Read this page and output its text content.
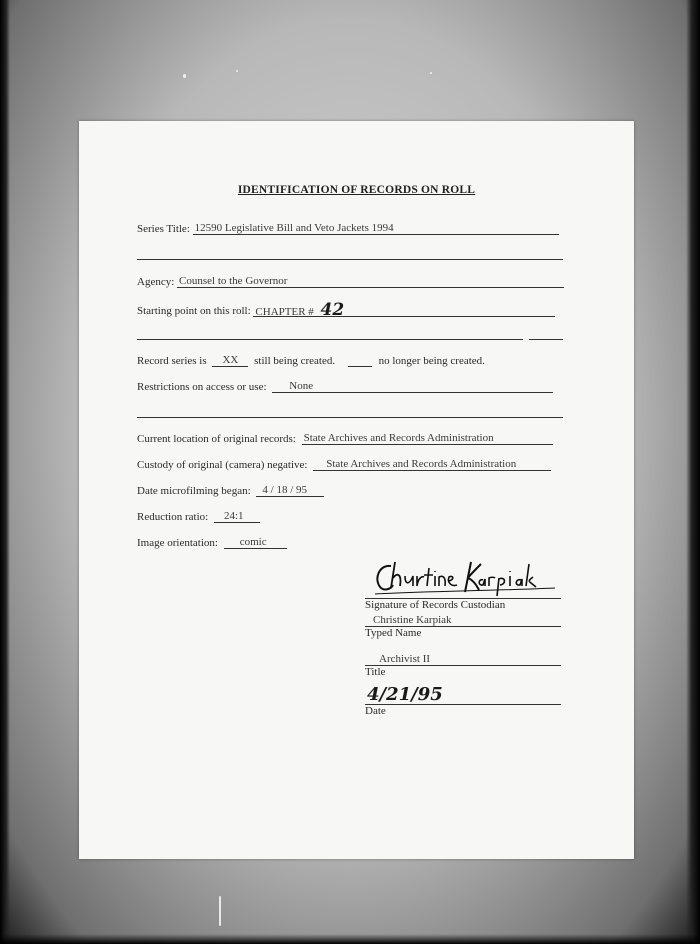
IDENTIFICATION OF RECORDS ON ROLL
Series Title: 12590 Legislative Bill and Veto Jackets 1994
Agency: Counsel to the Governor
Starting point on this roll: CHAPTER # 42
Record series is XX still being created.	no longer being created.
Restrictions on access or use: None
Current location of original records: State Archives and Records Administration
Custody of original (camera) negative: State Archives and Records Administration
Date microfilming began: 4 / 18 / 95
Reduction ratio: 24:1
Image orientation: comic
Signature of Records Custodian
Christine Karpiak
Typed Name
Archivist II
Title
4/21/95
Date
